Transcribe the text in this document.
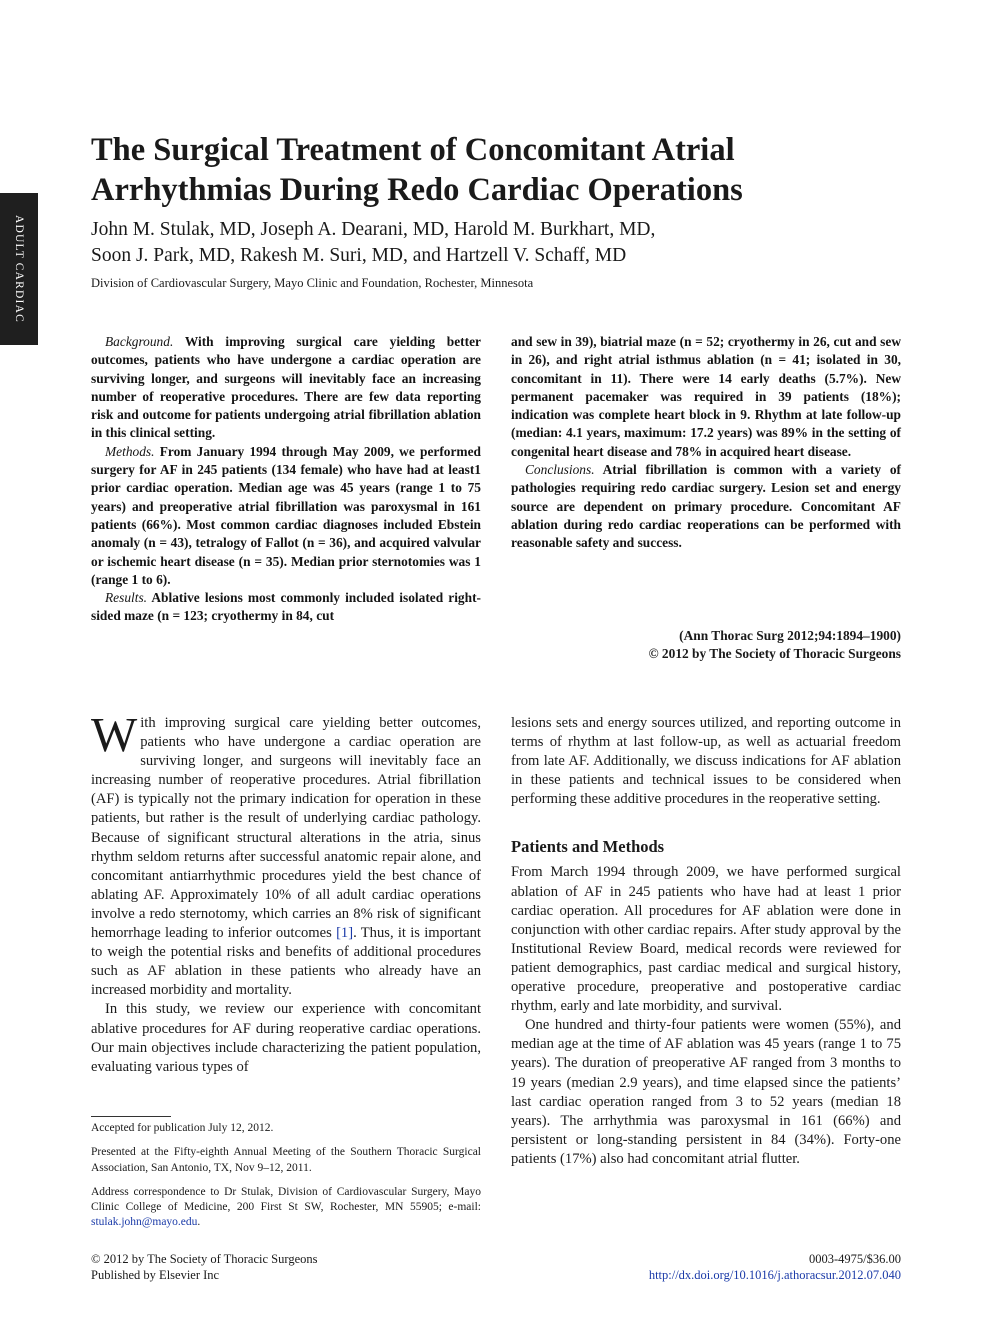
ADULT CARDIAC
The Surgical Treatment of Concomitant Atrial Arrhythmias During Redo Cardiac Operations
John M. Stulak, MD, Joseph A. Dearani, MD, Harold M. Burkhart, MD,
Soon J. Park, MD, Rakesh M. Suri, MD, and Hartzell V. Schaff, MD
Division of Cardiovascular Surgery, Mayo Clinic and Foundation, Rochester, Minnesota

Background. With improving surgical care yielding better outcomes, patients who have undergone a cardiac operation are surviving longer, and surgeons will inevitably face an increasing number of reoperative procedures. There are few data reporting risk and outcome for patients undergoing atrial fibrillation ablation in this clinical setting.

Methods. From January 1994 through May 2009, we performed surgery for AF in 245 patients (134 female) who have had at least1 prior cardiac operation. Median age was 45 years (range 1 to 75 years) and preoperative atrial fibrillation was paroxysmal in 161 patients (66%). Most common cardiac diagnoses included Ebstein anomaly (n = 43), tetralogy of Fallot (n = 36), and acquired valvular or ischemic heart disease (n = 35). Median prior sternotomies was 1 (range 1 to 6).

Results. Ablative lesions most commonly included isolated right-sided maze (n = 123; cryothermy in 84, cut

and sew in 39), biatrial maze (n = 52; cryothermy in 26, cut and sew in 26), and right atrial isthmus ablation (n = 41; isolated in 30, concomitant in 11). There were 14 early deaths (5.7%). New permanent pacemaker was required in 39 patients (18%); indication was complete heart block in 9. Rhythm at late follow-up (median: 4.1 years, maximum: 17.2 years) was 89% in the setting of congenital heart disease and 78% in acquired heart disease.

Conclusions. Atrial fibrillation is common with a variety of pathologies requiring redo cardiac surgery. Lesion set and energy source are dependent on primary procedure. Concomitant AF ablation during redo cardiac reoperations can be performed with reasonable safety and success.

(Ann Thorac Surg 2012;94:1894–1900)
© 2012 by The Society of Thoracic Surgeons

With improving surgical care yielding better outcomes, patients who have undergone a cardiac operation are surviving longer, and surgeons will inevitably face an increasing number of reoperative procedures. Atrial fibrillation (AF) is typically not the primary indication for operation in these patients, but rather is the result of underlying cardiac pathology. Because of significant structural alterations in the atria, sinus rhythm seldom returns after successful anatomic repair alone, and concomitant antiarrhythmic procedures yield the best chance of ablating AF. Approximately 10% of all adult cardiac operations involve a redo sternotomy, which carries an 8% risk of significant hemorrhage leading to inferior outcomes [1]. Thus, it is important to weigh the potential risks and benefits of additional procedures such as AF ablation in these patients who already have an increased morbidity and mortality.

In this study, we review our experience with concomitant ablative procedures for AF during reoperative cardiac operations. Our main objectives include characterizing the patient population, evaluating various types of

lesions sets and energy sources utilized, and reporting outcome in terms of rhythm at last follow-up, as well as actuarial freedom from late AF. Additionally, we discuss indications for AF ablation in these patients and technical issues to be considered when performing these additive procedures in the reoperative setting.

Patients and Methods

From March 1994 through 2009, we have performed surgical ablation of AF in 245 patients who have had at least 1 prior cardiac operation. All procedures for AF ablation were done in conjunction with other cardiac repairs. After study approval by the Institutional Review Board, medical records were reviewed for patient demographics, past cardiac medical and surgical history, operative procedure, preoperative and postoperative cardiac rhythm, early and late morbidity, and survival.

One hundred and thirty-four patients were women (55%), and median age at the time of AF ablation was 45 years (range 1 to 75 years). The duration of preoperative AF ranged from 3 months to 19 years (median 2.9 years), and time elapsed since the patients’ last cardiac operation ranged from 3 to 52 years (median 18 years). The arrhythmia was paroxysmal in 161 (66%) and persistent or long-standing persistent in 84 (34%). Forty-one patients (17%) also had concomitant atrial flutter.

Accepted for publication July 12, 2012.

Presented at the Fifty-eighth Annual Meeting of the Southern Thoracic Surgical Association, San Antonio, TX, Nov 9–12, 2011.

Address correspondence to Dr Stulak, Division of Cardiovascular Surgery, Mayo Clinic College of Medicine, 200 First St SW, Rochester, MN 55905; e-mail: stulak.john@mayo.edu.

© 2012 by The Society of Thoracic Surgeons
Published by Elsevier Inc
0003-4975/$36.00
http://dx.doi.org/10.1016/j.athoracsur.2012.07.040
